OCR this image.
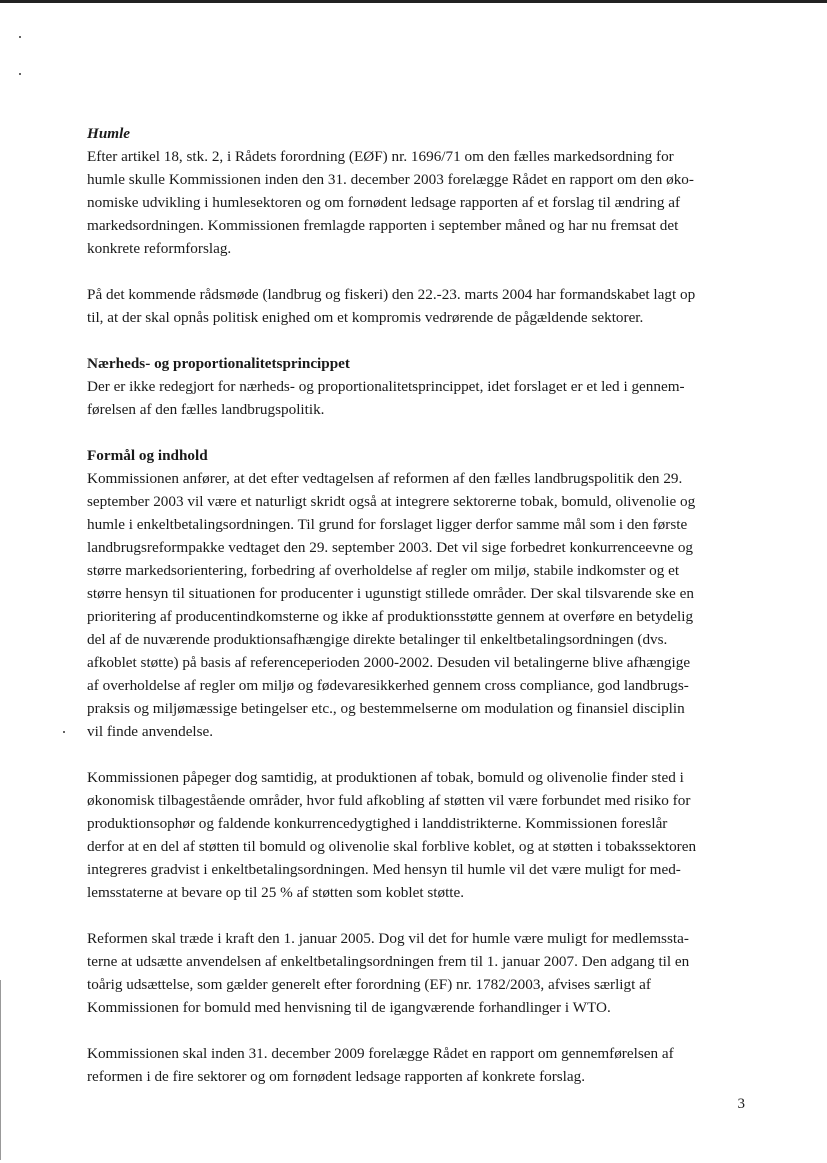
Humle

Efter artikel 18, stk. 2, i Rådets forordning (EØF) nr. 1696/71 om den fælles markedsordning for
humle skulle Kommissionen inden den 31. december 2003 forelægge Rådet en rapport om den øko-
nomiske udvikling i humlesektoren og om fornødent ledsage rapporten af et forslag til ændring af
markedsordningen. Kommissionen fremlagde rapporten i september måned og har nu fremsat det
konkrete reformforslag.

På det kommende rådsmøde (landbrug og fiskeri) den 22.-23. marts 2004 har formandskabet lagt op
til, at der skal opnås politisk enighed om et kompromis vedrørende de pågældende sektorer.

Nærheds- og proportionalitetsprincippet

Der er ikke redegjort for nærheds- og proportionalitetsprincippet, idet forslaget er et led i gennem-
førelsen af den fælles landbrugspolitik.

Formål og indhold

Kommissionen anfører, at det efter vedtagelsen af reformen af den fælles landbrugspolitik den 29.
september 2003 vil være et naturligt skridt også at integrere sektorerne tobak, bomuld, olivenolie og
humle i enkeltbetalingsordningen. Til grund for forslaget ligger derfor samme mål som i den første
landbrugsreformpakke vedtaget den 29. september 2003. Det vil sige forbedret konkurrenceevne og
større markedsorientering, forbedring af overholdelse af regler om miljø, stabile indkomster og et
større hensyn til situationen for producenter i ugunstigt stillede områder. Der skal tilsvarende ske en
prioritering af producentindkomsterne og ikke af produktionsstøtte gennem at overføre en betydelig
del af de nuværende produktionsafhængige direkte betalinger til enkeltbetalingsordningen (dvs.
afkoblet støtte) på basis af referenceperioden 2000-2002. Desuden vil betalingerne blive afhængige
af overholdelse af regler om miljø og fødevaresikkerhed gennem cross compliance, god landbrugs-
praksis og miljømæssige betingelser etc., og bestemmelserne om modulation og finansiel disciplin
vil finde anvendelse.

Kommissionen påpeger dog samtidig, at produktionen af tobak, bomuld og olivenolie finder sted i
økonomisk tilbagestående områder, hvor fuld afkobling af støtten vil være forbundet med risiko for
produktionsophør og faldende konkurrencedygtighed i landdistrikterne. Kommissionen foreslår
derfor at en del af støtten til bomuld og olivenolie skal forblive koblet, og at støtten i tobakssektoren
integreres gradvist i enkeltbetalingsordningen. Med hensyn til humle vil det være muligt for med-
lemsstaterne at bevare op til 25 % af støtten som koblet støtte.

Reformen skal træde i kraft den 1. januar 2005. Dog vil det for humle være muligt for medlemssta-
terne at udsætte anvendelsen af enkeltbetalingsordningen frem til 1. januar 2007. Den adgang til en
toårig udsættelse, som gælder generelt efter forordning (EF) nr. 1782/2003, afvises særligt af
Kommissionen for bomuld med henvisning til de igangværende forhandlinger i WTO.

Kommissionen skal inden 31. december 2009 forelægge Rådet en rapport om gennemførelsen af
reformen i de fire sektorer og om fornødent ledsage rapporten af konkrete forslag.

3
